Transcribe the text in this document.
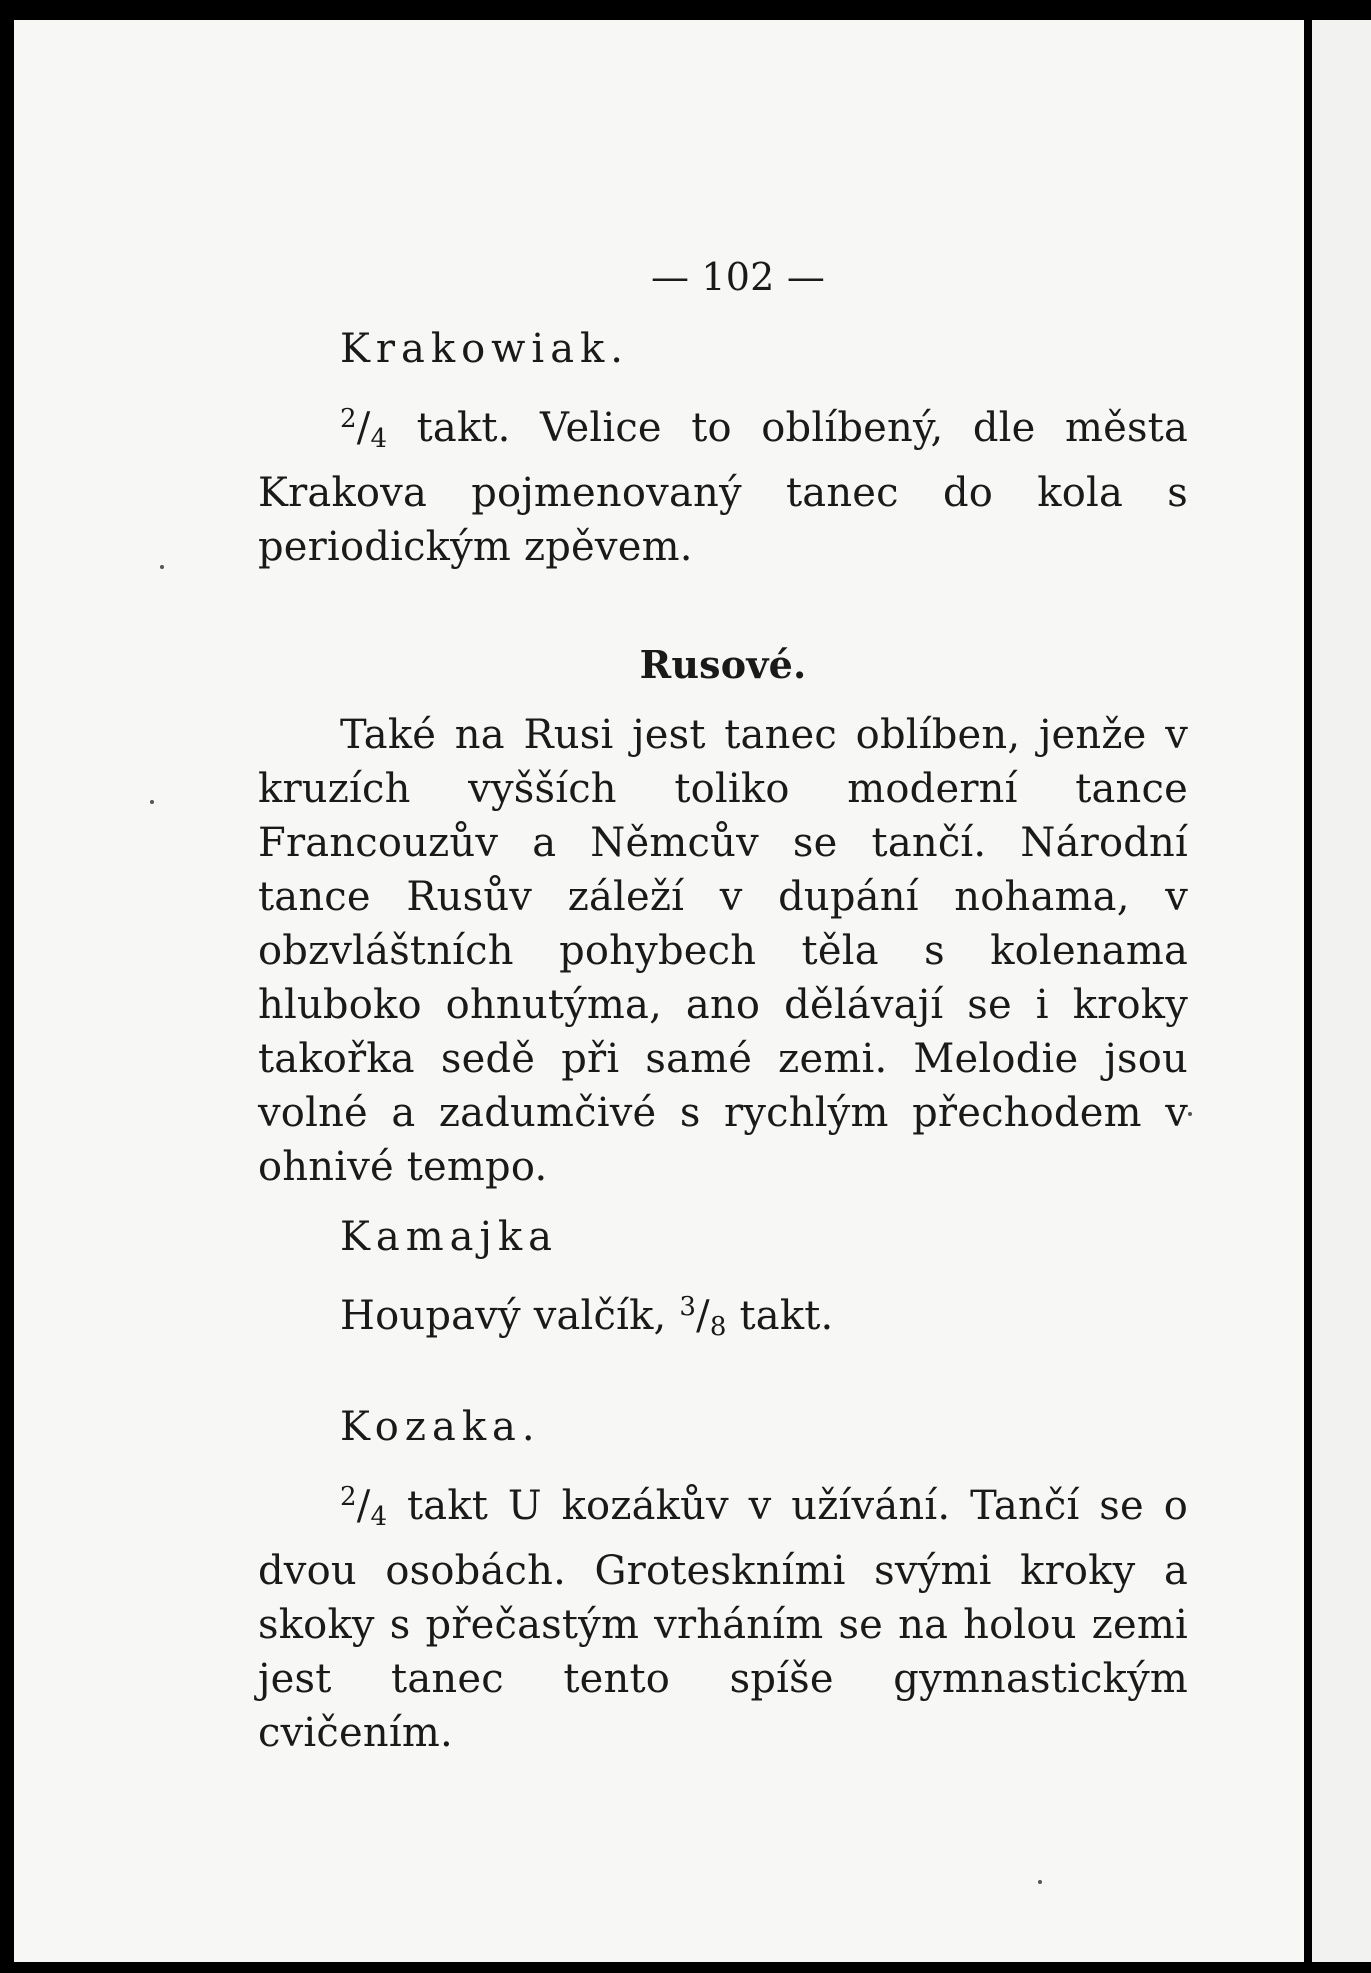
— 102 —

Krakowiak.

$^2/_4$ takt. Velice to oblíbený, dle města Krakova pojmenovaný tanec do kola s periodickým zpěvem.

Rusové.

Také na Rusi jest tanec oblíben, jenže v kruzích vyšších toliko moderní tance Francouzův a Němcův se tančí. Národní tance Rusův záleží v dupání nohama, v obzvláštních pohybech těla s kolenama hluboko ohnutýma, ano dělávají se i kroky takořka sedě při samé zemi. Melodie jsou volné a zadumčivé s rychlým přechodem v ohnivé tempo.

Kamajka

Houpavý valčík, $^3/_8$ takt.

Kozaka.

$^2/_4$ takt U kozákův v užívání. Tančí se o dvou osobách. Groteskními svými kroky a skoky s přečastým vrháním se na holou zemi jest tanec tento spíše gymnastickým cvičením.
